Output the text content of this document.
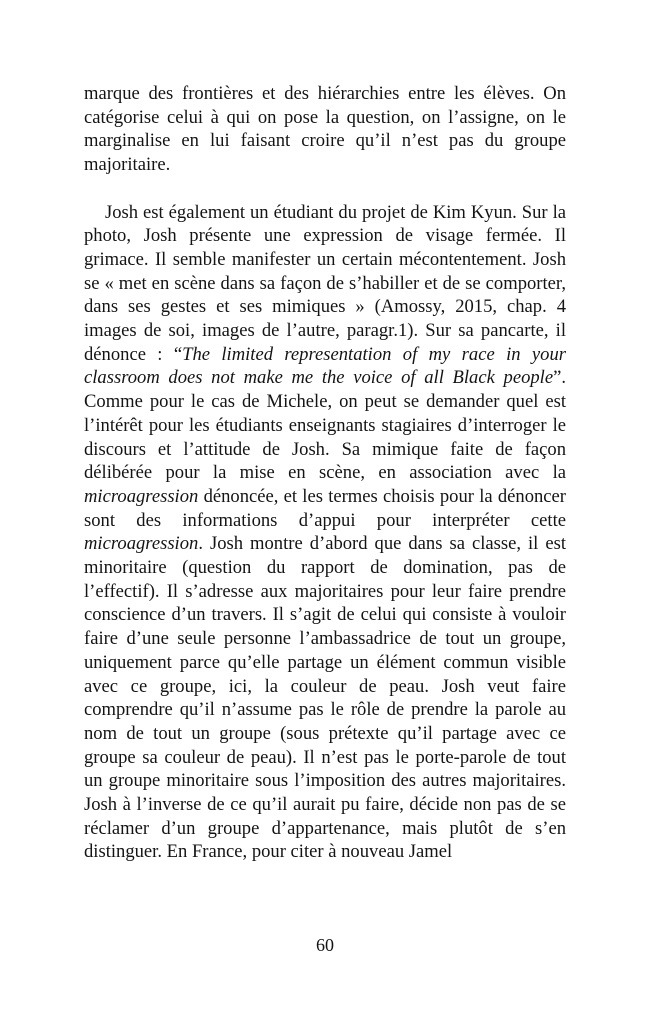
marque des frontières et des hiérarchies entre les élèves. On catégorise celui à qui on pose la question, on l’assigne, on le marginalise en lui faisant croire qu’il n’est pas du groupe majoritaire.

Josh est également un étudiant du projet de Kim Kyun. Sur la photo, Josh présente une expression de visage fermée. Il grimace. Il semble manifester un certain mécontentement. Josh se « met en scène dans sa façon de s’habiller et de se comporter, dans ses gestes et ses mimiques » (Amossy, 2015, chap. 4 images de soi, images de l’autre, paragr.1). Sur sa pancarte, il dénonce : “The limited representation of my race in your classroom does not make me the voice of all Black people”. Comme pour le cas de Michele, on peut se demander quel est l’intérêt pour les étudiants enseignants stagiaires d’interroger le discours et l’attitude de Josh. Sa mimique faite de façon délibérée pour la mise en scène, en association avec la microagression dénoncée, et les termes choisis pour la dénoncer sont des informations d’appui pour interpréter cette microagression. Josh montre d’abord que dans sa classe, il est minoritaire (question du rapport de domination, pas de l’effectif). Il s’adresse aux majoritaires pour leur faire prendre conscience d’un travers. Il s’agit de celui qui consiste à vouloir faire d’une seule personne l’ambassadrice de tout un groupe, uniquement parce qu’elle partage un élément commun visible avec ce groupe, ici, la couleur de peau. Josh veut faire comprendre qu’il n’assume pas le rôle de prendre la parole au nom de tout un groupe (sous prétexte qu’il partage avec ce groupe sa couleur de peau). Il n’est pas le porte-parole de tout un groupe minoritaire sous l’imposition des autres majoritaires. Josh à l’inverse de ce qu’il aurait pu faire, décide non pas de se réclamer d’un groupe d’appartenance, mais plutôt de s’en distinguer. En France, pour citer à nouveau Jamel

60
